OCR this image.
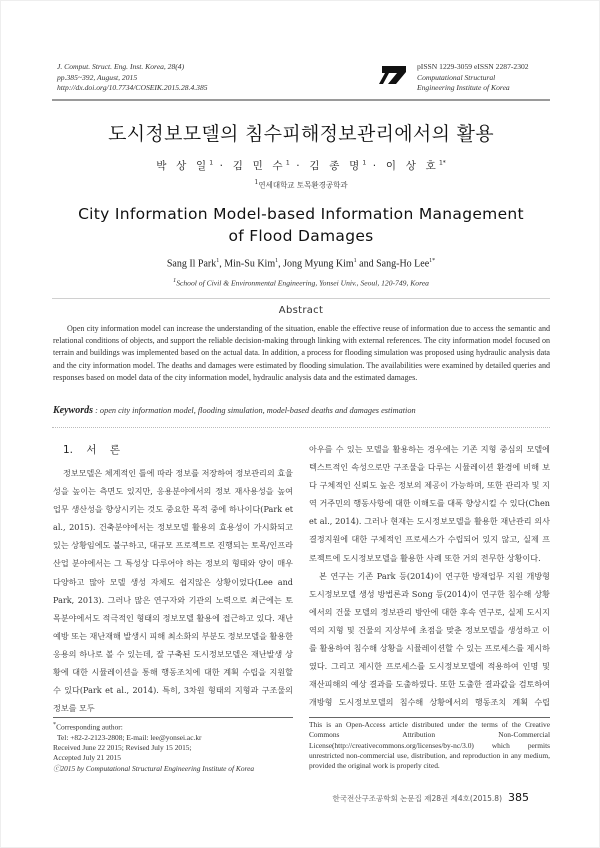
J. Comput. Struct. Eng. Inst. Korea, 28(4)
pp.385~392, August, 2015
http://dx.doi.org/10.7734/COSEIK.2015.28.4.385
pISSN 1229-3059 eISSN 2287-2302
Computational Structural
Engineering Institute of Korea
도시정보모델의 침수피해정보관리에서의 활용
박 상 일$^1$ · 김 민 수$^1$ · 김 종 명$^1$ · 이 상 호$^{1*}$
$^1$연세대학교 토목환경공학과
City Information Model-based Information Management
of Flood Damages
Sang Il Park$^1$, Min-Su Kim$^1$, Jong Myung Kim$^1$ and Sang-Ho Lee$^{1*}$
$^1$School of Civil & Environmental Engineering, Yonsei Univ., Seoul, 120-749, Korea
Abstract
Open city information model can increase the understanding of the situation, enable the effective reuse of information due to access the semantic and relational conditions of objects, and support the reliable decision-making through linking with external references. The city information model focused on terrain and buildings was implemented based on the actual data. In addition, a process for flooding simulation was proposed using hydraulic analysis data and the city information model. The deaths and damages were estimated by flooding simulation. The availabilities were examined by detailed queries and responses based on model data of the city information model, hydraulic analysis data and the estimated damages.
Keywords : open city information model, flooding simulation, model-based deaths and damages estimation
1. 서 론

정보모델은 체계적인 틀에 따라 정보를 저장하여 정보관리의 효율성을 높이는 측면도 있지만, 응용분야에서의 정보 재사용성을 높여 업무 생산성을 향상시키는 것도 중요한 목적 중에 하나이다(Park et al., 2015). 건축분야에서는 정보모델 활용의 효용성이 가시화되고 있는 상황임에도 불구하고, 대규모 프로젝트로 진행되는 토목/인프라산업 분야에서는 그 특성상 다루어야 하는 정보의 형태와 양이 매우 다양하고 많아 모델 생성 자체도 쉽지않은 상황이었다(Lee and Park, 2013). 그러나 많은 연구자와 기관의 노력으로 최근에는 토목분야에서도 적극적인 형태의 정보모델 활용에 접근하고 있다. 재난예방 또는 재난재해 발생시 피해 최소화의 부분도 정보모델을 활용한 응용의 하나로 볼 수 있는데, 잘 구축된 도시정보모델은 재난발생 상황에 대한 시뮬레이션을 통해 행동조치에 대한 계획 수립을 지원할 수 있다(Park et al., 2014). 특히, 3차원 형태의 지형과 구조물의 정보를 모두

아우를 수 있는 모델을 활용하는 경우에는 기존 지형 중심의 모델에 텍스트적인 속성으로만 구조물을 다루는 시뮬레이션 환경에 비해 보다 구체적인 신뢰도 높은 정보의 제공이 가능하며, 또한 관리자 및 지역 거주민의 행동사항에 대한 이해도를 대폭 향상시킬 수 있다(Chen et al., 2014). 그러나 현재는 도시정보모델을 활용한 재난관리 의사결정지원에 대한 구체적인 프로세스가 수립되어 있지 않고, 실제 프로젝트에 도시정보모델을 활용한 사례 또한 거의 전무한 상황이다.

본 연구는 기존 Park 등(2014)이 연구한 방재업무 지원 개방형 도시정보모델 생성 방법론과 Song 등(2014)이 연구한 침수해 상황에서의 건물 모델의 정보관리 방안에 대한 후속 연구로, 실제 도시지역의 지형 및 건물의 지상부에 초점을 맞춘 정보모델을 생성하고 이를 활용하여 침수해 상황을 시뮬레이션할 수 있는 프로세스를 제시하였다. 그리고 제시한 프로세스를 도시정보모델에 적용하여 인명 및 재산피해의 예상 결과를 도출하였다. 또한 도출한 결과값을 검토하여 개방형 도시정보모델의 침수해 상황에서의 행동조치 계획 수립

*Corresponding author:
Tel: +82-2-2123-2808; E-mail: lee@yonsei.ac.kr
Received June 22 2015; Revised July 15 2015;
Accepted July 21 2015
ⓒ2015 by Computational Structural Engineering Institute of Korea
This is an Open-Access article distributed under the terms of the Creative Commons Attribution Non-Commercial License(http://creativecommons.org/licenses/by-nc/3.0) which permits unrestricted non-commercial use, distribution, and reproduction in any medium, provided the original work is properly cited.
한국전산구조공학회 논문집 제28권 제4호(2015.8) 385
